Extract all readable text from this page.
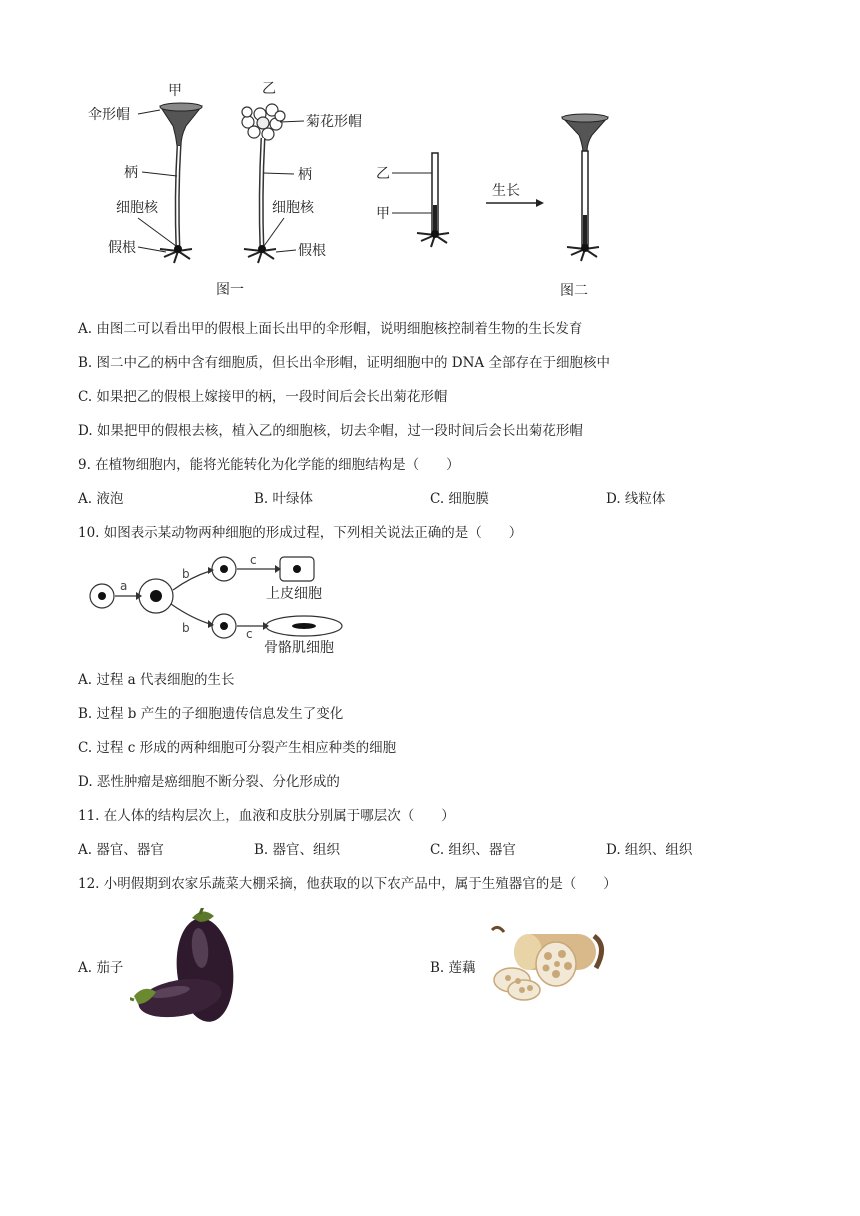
甲
伞形帽
柄
细胞核
假根
乙
菊花形帽
柄
细胞核
假根
图一
乙
甲
生长
图二
A. 由图二可以看出甲的假根上面长出甲的伞形帽，说明细胞核控制着生物的生长发育
B. 图二中乙的柄中含有细胞质，但长出伞形帽，证明细胞中的 DNA 全部存在于细胞核中
C. 如果把乙的假根上嫁接甲的柄，一段时间后会长出菊花形帽
D. 如果把甲的假根去核，植入乙的细胞核，切去伞帽，过一段时间后会长出菊花形帽
9. 在植物细胞内，能将光能转化为化学能的细胞结构是（　　）
A. 液泡	B. 叶绿体	C. 细胞膜	D. 线粒体
10. 如图表示某动物两种细胞的形成过程，下列相关说法正确的是（　　）
a
b
b
c
c
上皮细胞
骨骼肌细胞
A. 过程 a 代表细胞的生长
B. 过程 b 产生的子细胞遗传信息发生了变化
C. 过程 c 形成的两种细胞可分裂产生相应种类的细胞
D. 恶性肿瘤是癌细胞不断分裂、分化形成的
11. 在人体的结构层次上，血液和皮肤分别属于哪层次（　　）
A. 器官、器官	B. 器官、组织	C. 组织、器官	D. 组织、组织
12. 小明假期到农家乐蔬菜大棚采摘，他获取的以下农产品中，属于生殖器官的是（　　）
A. 茄子	B. 莲藕
